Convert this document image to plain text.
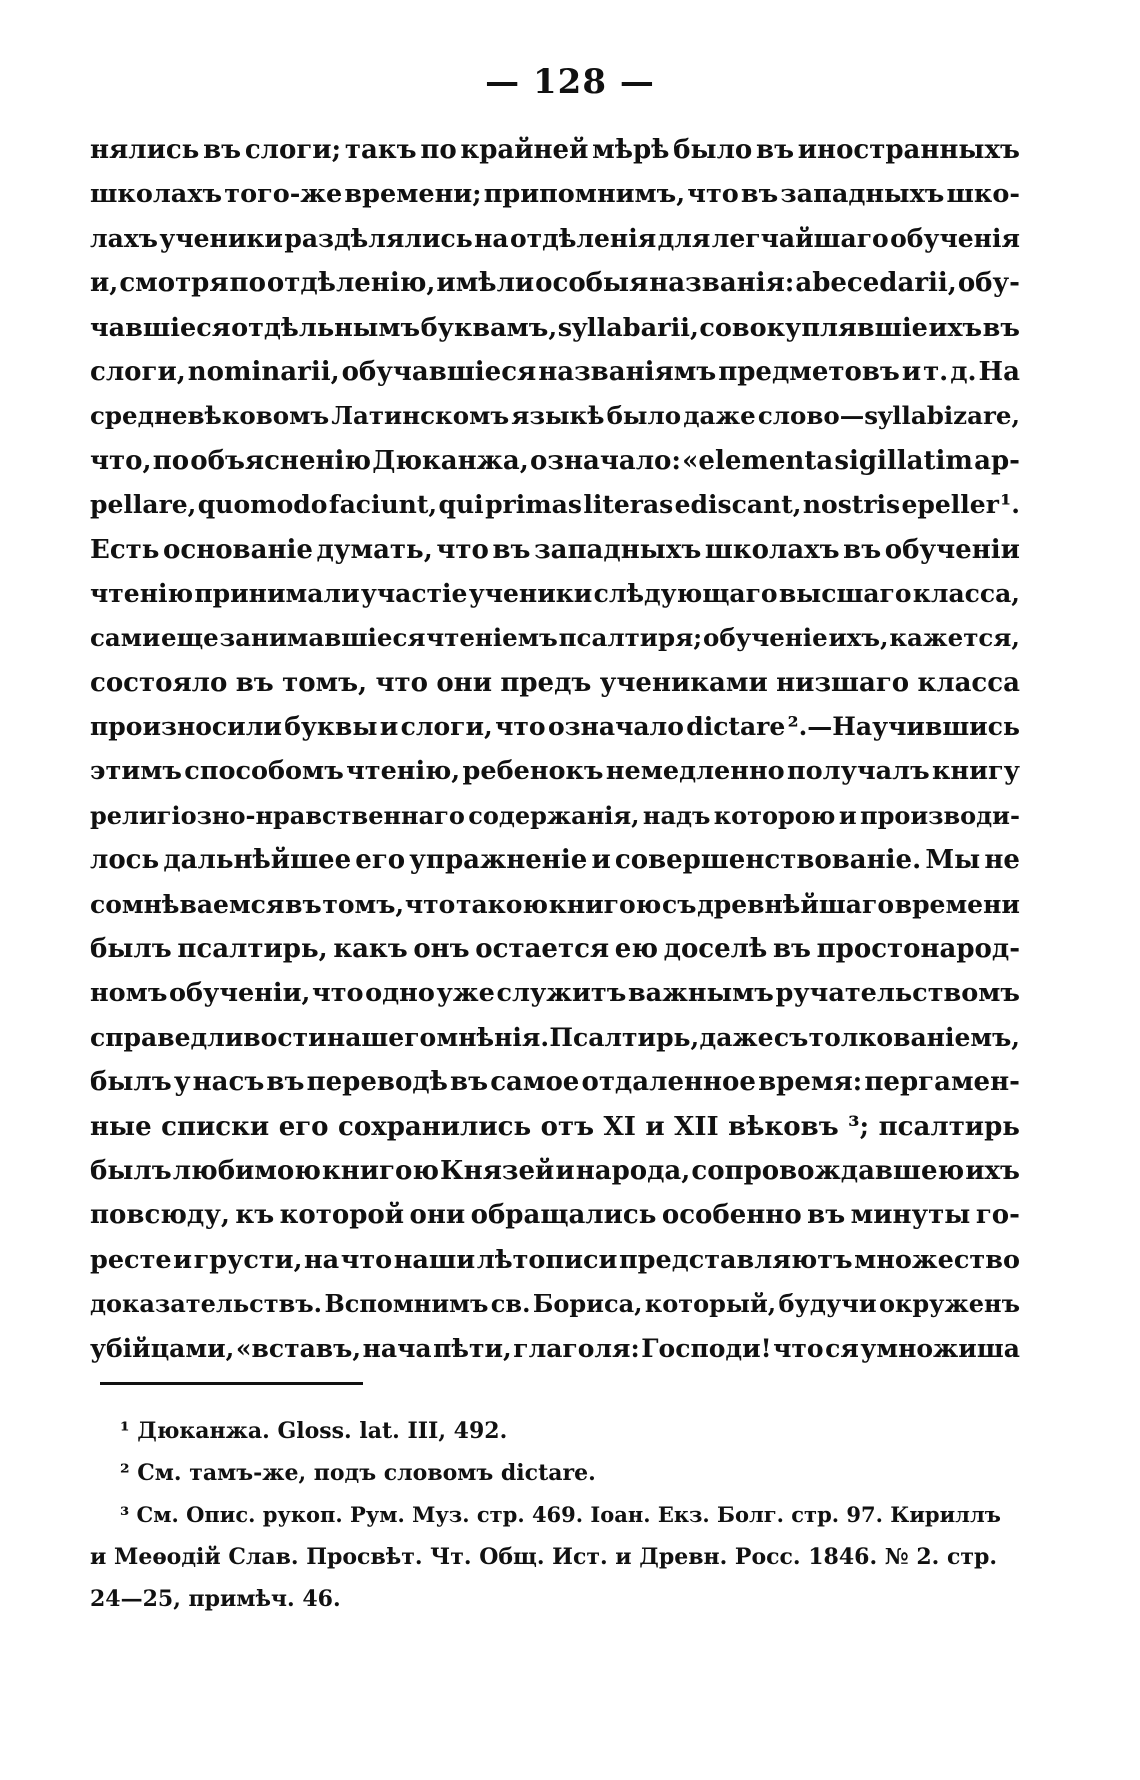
— 128 —
нялись въ слоги; такъ по крайней мѣрѣ было въ иностранныхъ
школахъ того-же времени; припомнимъ, что въ западныхъ шко-
лахъ ученики раздѣлялись на отдѣленія для легчайшаго обученія
и, смотря по отдѣленію, имѣли особыя названія: abecedarii, обу-
чавшіеся отдѣльнымъ буквамъ, syllabarii, совокуплявшіе ихъ въ
слоги, nominarii, обучавшіеся названіямъ предметовъ и т. д. На
средневѣковомъ Латинскомъ языкѣ было даже слово—syllabizare,
что, по объясненію Дюканжа, означало: «elementa sigillatim ap-
pellare, quomodo faciunt, qui primas literas ediscant, nostris epeller ¹.
Есть основаніе думать, что въ западныхъ школахъ въ обученіи
чтенію принимали участіе ученики слѣдующаго высшаго класса,
сами еще занимавшіеся чтеніемъ псалтиря; обученіе ихъ, кажется,
состояло въ томъ, что они предъ учениками низшаго класса
произносили буквы и слоги, что означало dictare ².—Научившись
этимъ способомъ чтенію, ребенокъ немедленно получалъ книгу
религіозно-нравственнаго содержанія, надъ которою и производи-
лось дальнѣйшее его упражненіе и совершенствованіе. Мы не
сомнѣваемся въ томъ, что такою книгою съ древнѣйшаго времени
былъ псалтирь, какъ онъ остается ею доселѣ въ простонарод-
номъ обученіи, что одно уже служитъ важнымъ ручательствомъ
справедливости нашего мнѣнія. Псалтирь, даже съ толкованіемъ,
былъ у насъ въ переводѣ въ самое отдаленное время: пергамен-
ные списки его сохранились отъ XI и XII вѣковъ ³; псалтирь
былъ любимою книгою Князей и народа, сопровождавшею ихъ
повсюду, къ которой они обращались особенно въ минуты го-
ресте и грусти, на что наши лѣтописи представляютъ множество
доказательствъ. Вспомнимъ св. Бориса, который, будучи окруженъ
убійцами, «вставъ, нача пѣти, глаголя: Господи! что ся умножиша
¹ Дюканжа. Gloss. lat. III, 492.
² См. тамъ-же, подъ словомъ dictare.
³ См. Опис. рукоп. Рум. Муз. стр. 469. Іоан. Екз. Болг. стр. 97. Кириллъ
и Меѳодій Слав. Просвѣт. Чт. Общ. Ист. и Древн. Росс. 1846. № 2. стр.
24—25, примѣч. 46.
